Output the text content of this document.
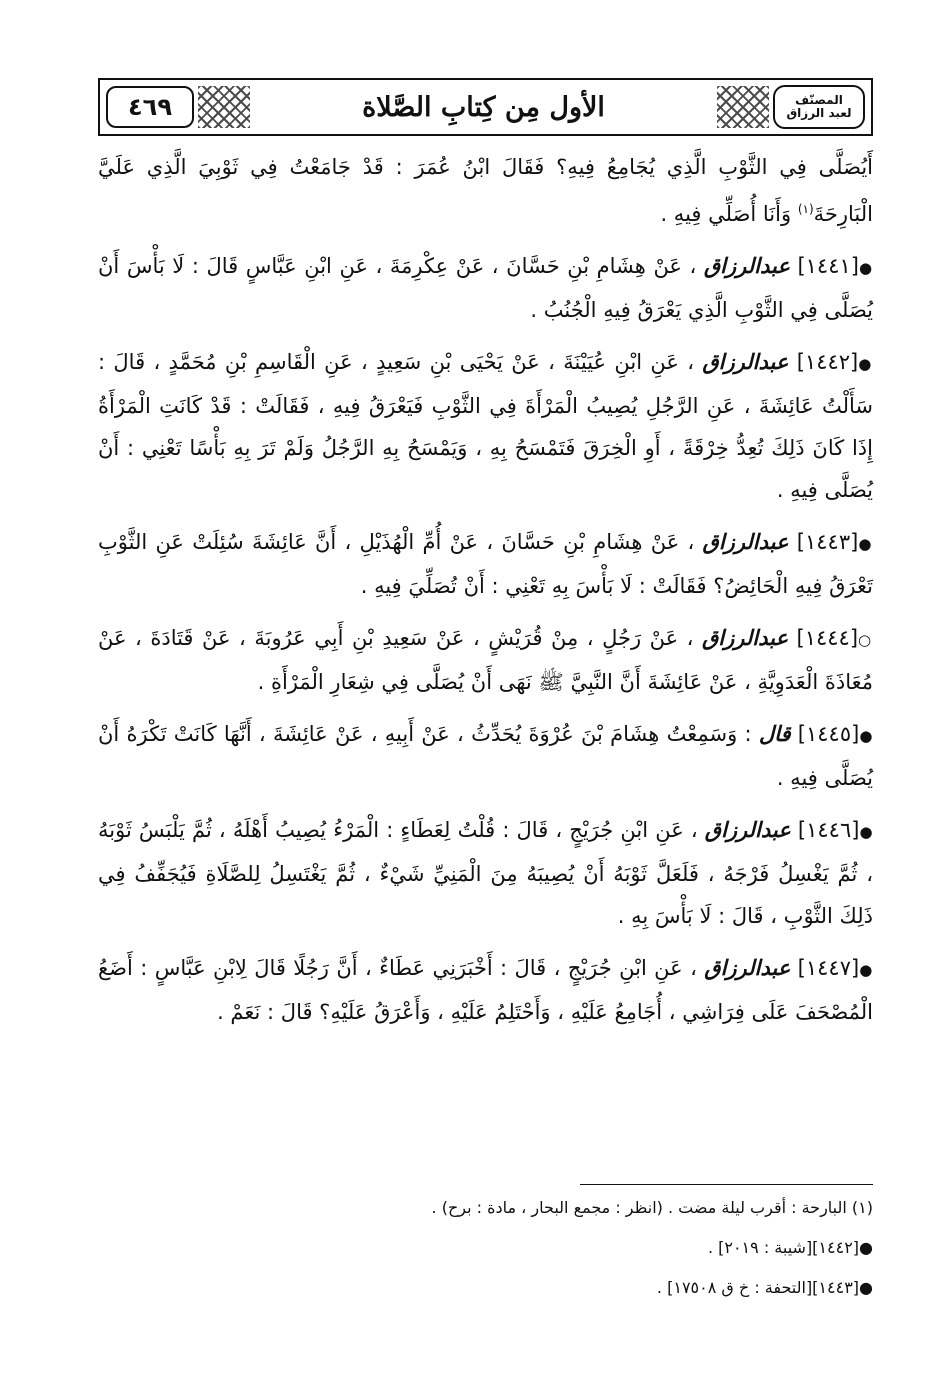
٤٦٩	الأول مِن كِتابِ الصَّلاة	المصنّف
لعبد الرزاق

أَيُصَلَّى فِي الثَّوْبِ الَّذِي يُجَامِعُ فِيهِ؟ فَقَالَ ابْنُ عُمَرَ : قَدْ جَامَعْتُ فِي ثَوْبِيَ الَّذِي عَلَيَّ الْبَارِحَةَ$^{(١)}$ وَأَنَا أُصَلِّي فِيهِ .

●[١٤٤١] عبدالرزاق ، عَنْ هِشَامِ بْنِ حَسَّانَ ، عَنْ عِكْرِمَةَ ، عَنِ ابْنِ عَبَّاسٍ قَالَ : لَا بَأْسَ أَنْ يُصَلَّى فِي الثَّوْبِ الَّذِي يَعْرَقُ فِيهِ الْجُنُبُ .

●[١٤٤٢] عبدالرزاق ، عَنِ ابْنِ عُيَيْنَةَ ، عَنْ يَحْيَى بْنِ سَعِيدٍ ، عَنِ الْقَاسِمِ بْنِ مُحَمَّدٍ ، قَالَ : سَأَلْتُ عَائِشَةَ ، عَنِ الرَّجُلِ يُصِيبُ الْمَرْأَةَ فِي الثَّوْبِ فَيَعْرَقُ فِيهِ ، فَقَالَتْ : قَدْ كَانَتِ الْمَرْأَةُ إِذَا كَانَ ذَلِكَ تُعِدُّ خِرْقَةً ، أَوِ الْخِرَقَ فَتَمْسَحُ بِهِ ، وَيَمْسَحُ بِهِ الرَّجُلُ وَلَمْ تَرَ بِهِ بَأْسًا تَعْنِي : أَنْ يُصَلَّى فِيهِ .

●[١٤٤٣] عبدالرزاق ، عَنْ هِشَامِ بْنِ حَسَّانَ ، عَنْ أُمِّ الْهُذَيْلِ ، أَنَّ عَائِشَةَ سُئِلَتْ عَنِ الثَّوْبِ تَعْرَقُ فِيهِ الْحَائِضُ؟ فَقَالَتْ : لَا بَأْسَ بِهِ تَعْنِي : أَنْ تُصَلِّيَ فِيهِ .

○[١٤٤٤] عبدالرزاق ، عَنْ رَجُلٍ ، مِنْ قُرَيْشٍ ، عَنْ سَعِيدِ بْنِ أَبِي عَرُوبَةَ ، عَنْ قَتَادَةَ ، عَنْ مُعَاذَةَ الْعَدَوِيَّةِ ، عَنْ عَائِشَةَ أَنَّ النَّبِيَّ ﷺ نَهَى أَنْ يُصَلَّى فِي شِعَارِ الْمَرْأَةِ .

●[١٤٤٥] قال : وَسَمِعْتُ هِشَامَ بْنَ عُرْوَةَ يُحَدِّثُ ، عَنْ أَبِيهِ ، عَنْ عَائِشَةَ ، أَنَّهَا كَانَتْ تَكْرَهُ أَنْ يُصَلَّى فِيهِ .

●[١٤٤٦] عبدالرزاق ، عَنِ ابْنِ جُرَيْجٍ ، قَالَ : قُلْتُ لِعَطَاءٍ : الْمَرْءُ يُصِيبُ أَهْلَهُ ، ثُمَّ يَلْبَسُ ثَوْبَهُ ، ثُمَّ يَغْسِلُ فَرْجَهُ ، فَلَعَلَّ ثَوْبَهُ أَنْ يُصِيبَهُ مِنَ الْمَنِيِّ شَيْءٌ ، ثُمَّ يَغْتَسِلُ لِلصَّلَاةِ فَيُجَفِّفُ فِي ذَلِكَ الثَّوْبِ ، قَالَ : لَا بَأْسَ بِهِ .

●[١٤٤٧] عبدالرزاق ، عَنِ ابْنِ جُرَيْجٍ ، قَالَ : أَخْبَرَنِي عَطَاءٌ ، أَنَّ رَجُلًا قَالَ لِابْنِ عَبَّاسٍ : أَضَعُ الْمُصْحَفَ عَلَى فِرَاشِي ، أُجَامِعُ عَلَيْهِ ، وَأَحْتَلِمُ عَلَيْهِ ، وَأَعْرَقُ عَلَيْهِ؟ قَالَ : نَعَمْ .

(١) البارحة : أقرب ليلة مضت . (انظر : مجمع البحار ، مادة : برح) .
●[١٤٤٢][شيبة : ٢٠١٩] .
●[١٤٤٣][التحفة : خ ق ١٧٥٠٨] .
